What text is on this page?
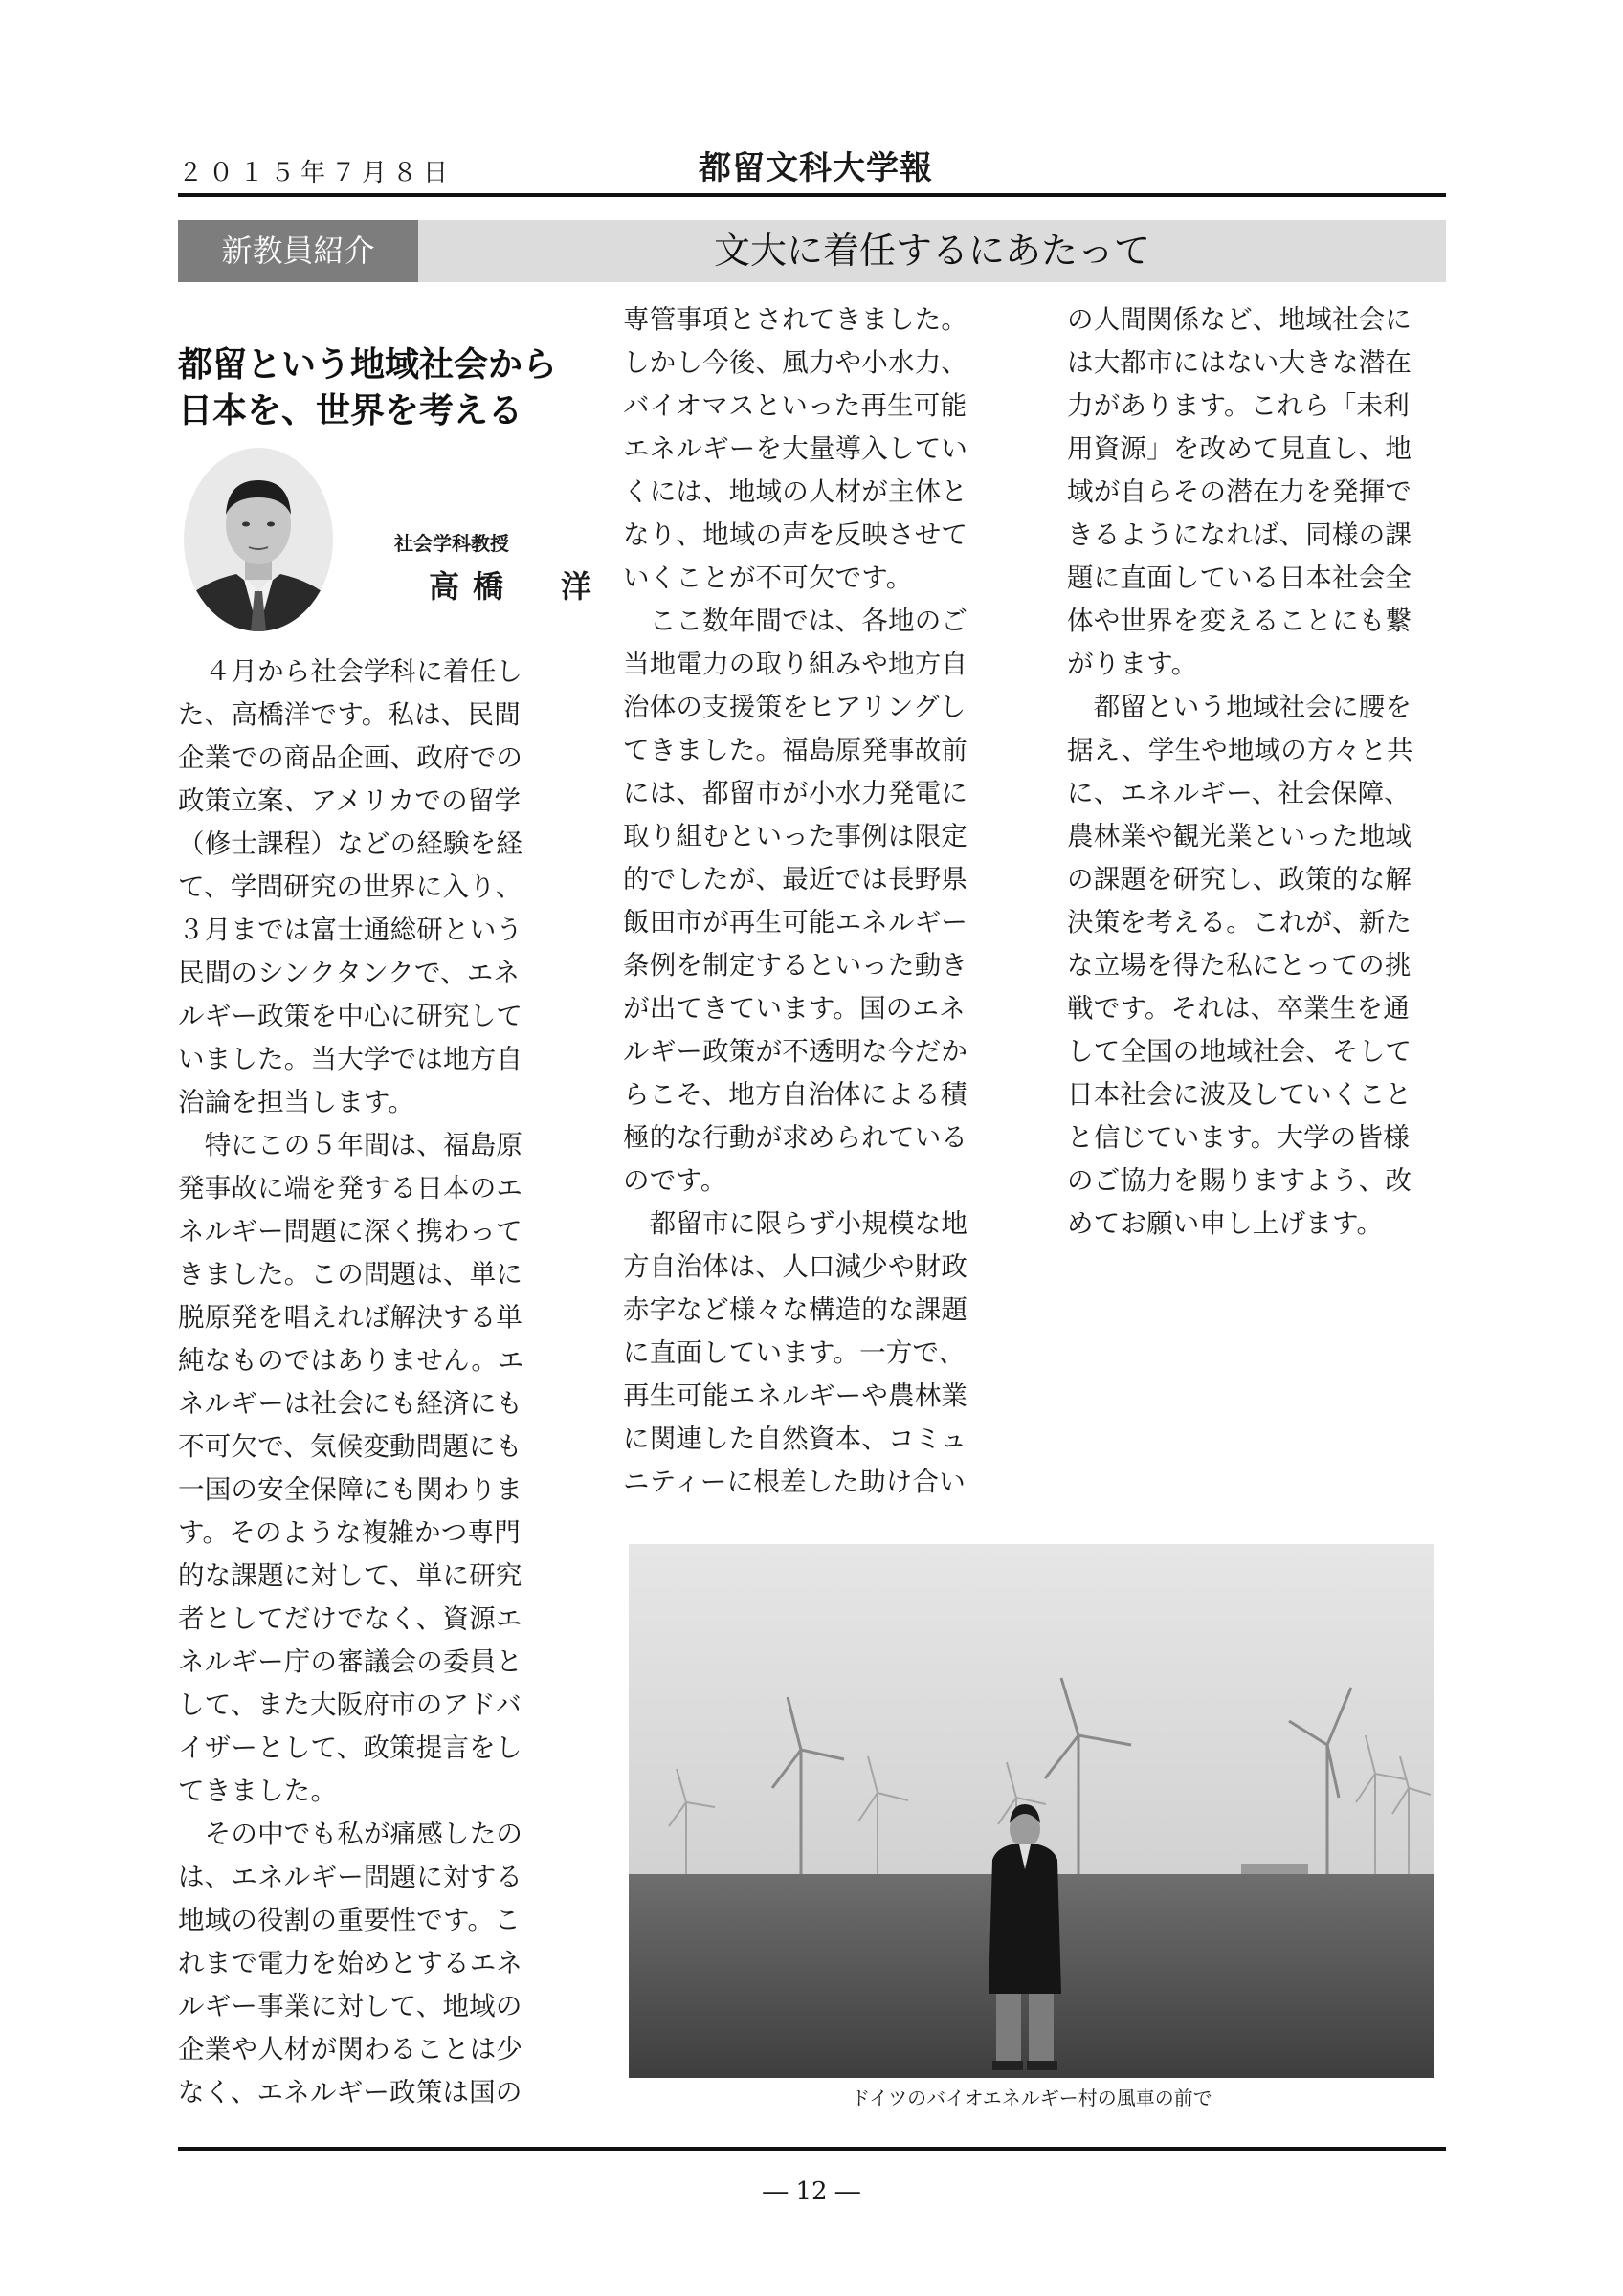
２０１５年７月８日	都留文科大学報
新教員紹介	文大に着任するにあたって
都留という地域社会から
日本を、世界を考える
社会学科教授
高橋　洋
　４月から社会学科に着任し
た、高橋洋です。私は、民間
企業での商品企画、政府での
政策立案、アメリカでの留学
（修士課程）などの経験を経
て、学問研究の世界に入り、
３月までは富士通総研という
民間のシンクタンクで、エネ
ルギー政策を中心に研究して
いました。当大学では地方自
治論を担当します。
　特にこの５年間は、福島原
発事故に端を発する日本のエ
ネルギー問題に深く携わって
きました。この問題は、単に
脱原発を唱えれば解決する単
純なものではありません。エ
ネルギーは社会にも経済にも
不可欠で、気候変動問題にも
一国の安全保障にも関わりま
す。そのような複雑かつ専門
的な課題に対して、単に研究
者としてだけでなく、資源エ
ネルギー庁の審議会の委員と
して、また大阪府市のアドバ
イザーとして、政策提言をし
てきました。
　その中でも私が痛感したの
は、エネルギー問題に対する
地域の役割の重要性です。こ
れまで電力を始めとするエネ
ルギー事業に対して、地域の
企業や人材が関わることは少
なく、エネルギー政策は国の
専管事項とされてきました。
しかし今後、風力や小水力、
バイオマスといった再生可能
エネルギーを大量導入してい
くには、地域の人材が主体と
なり、地域の声を反映させて
いくことが不可欠です。
　ここ数年間では、各地のご
当地電力の取り組みや地方自
治体の支援策をヒアリングし
てきました。福島原発事故前
には、都留市が小水力発電に
取り組むといった事例は限定
的でしたが、最近では長野県
飯田市が再生可能エネルギー
条例を制定するといった動き
が出てきています。国のエネ
ルギー政策が不透明な今だか
らこそ、地方自治体による積
極的な行動が求められている
のです。
　都留市に限らず小規模な地
方自治体は、人口減少や財政
赤字など様々な構造的な課題
に直面しています。一方で、
再生可能エネルギーや農林業
に関連した自然資本、コミュ
ニティーに根差した助け合い
の人間関係など、地域社会に
は大都市にはない大きな潜在
力があります。これら「未利
用資源」を改めて見直し、地
域が自らその潜在力を発揮で
きるようになれば、同様の課
題に直面している日本社会全
体や世界を変えることにも繋
がります。
　都留という地域社会に腰を
据え、学生や地域の方々と共
に、エネルギー、社会保障、
農林業や観光業といった地域
の課題を研究し、政策的な解
決策を考える。これが、新た
な立場を得た私にとっての挑
戦です。それは、卒業生を通
して全国の地域社会、そして
日本社会に波及していくこと
と信じています。大学の皆様
のご協力を賜りますよう、改
めてお願い申し上げます。
ドイツのバイオエネルギー村の風車の前で
― 12 ―
